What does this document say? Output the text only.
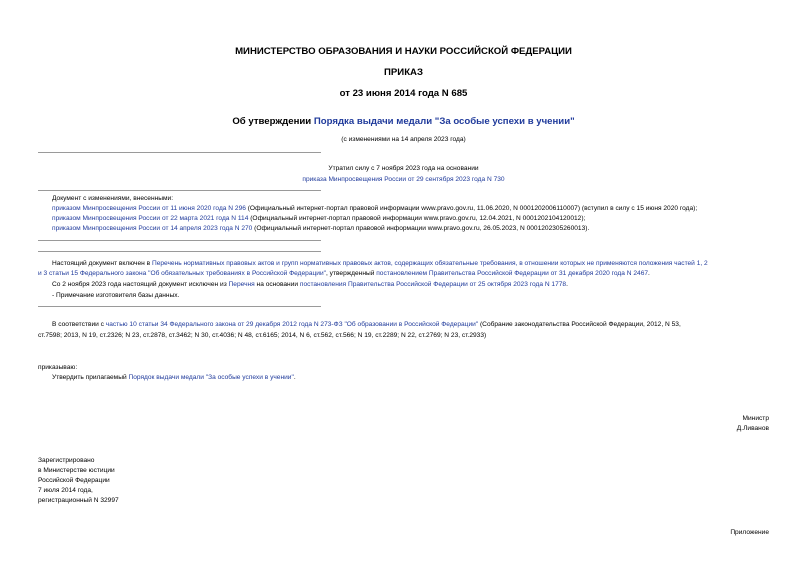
МИНИСТЕРСТВО ОБРАЗОВАНИЯ И НАУКИ РОССИЙСКОЙ ФЕДЕРАЦИИ
ПРИКАЗ
от 23 июня 2014 года N 685
Об утверждении Порядка выдачи медали "За особые успехи в учении"
(с изменениями на 14 апреля 2023 года)
Утратил силу с 7 ноября 2023 года на основании
приказа Минпросвещения России от 29 сентября 2023 года N 730
Документ с изменениями, внесенными:
приказом Минпросвещения России от 11 июня 2020 года N 296 (Официальный интернет-портал правовой информации www.pravo.gov.ru, 11.06.2020, N 0001202006110007) (вступил в силу с 15 июня 2020 года);
приказом Минпросвещения России от 22 марта 2021 года N 114 (Официальный интернет-портал правовой информации www.pravo.gov.ru, 12.04.2021, N 0001202104120012);
приказом Минпросвещения России от 14 апреля 2023 года N 270 (Официальный интернет-портал правовой информации www.pravo.gov.ru, 26.05.2023, N 0001202305260013).
Настоящий документ включен в Перечень нормативных правовых актов и групп нормативных правовых актов, содержащих обязательные требования, в отношении которых не применяются положения частей 1, 2
и 3 статьи 15 Федерального закона "Об обязательных требованиях в Российской Федерации", утвержденный постановлением Правительства Российской Федерации от 31 декабря 2020 года N 2467.
Со 2 ноября 2023 года настоящий документ исключен из Перечня на основании постановления Правительства Российской Федерации от 25 октября 2023 года N 1778.
- Примечание изготовителя базы данных.
В соответствии с частью 10 статьи 34 Федерального закона от 29 декабря 2012 года N 273-ФЗ "Об образовании в Российской Федерации" (Собрание законодательства Российской Федерации, 2012, N 53,
ст.7598; 2013, N 19, ст.2326; N 23, ст.2878, ст.3462; N 30, ст.4036; N 48, ст.6165; 2014, N 6, ст.562, ст.566; N 19, ст.2289; N 22, ст.2769; N 23, ст.2933)
приказываю:
Утвердить прилагаемый Порядок выдачи медали "За особые успехи в учении".
Министр
Д.Ливанов
Зарегистрировано
в Министерстве юстиции
Российской Федерации
7 июля 2014 года,
регистрационный N 32997
Приложение
